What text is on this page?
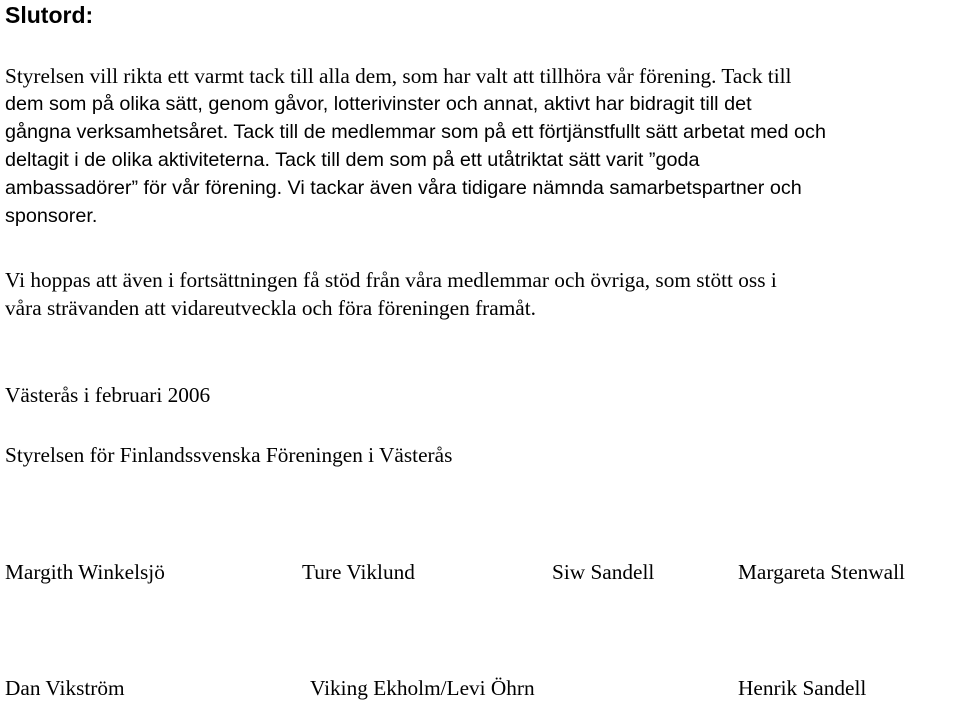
Slutord:
Styrelsen vill rikta ett varmt tack till alla dem, som har valt att tillhöra vår förening. Tack till
dem som på olika sätt, genom gåvor, lotterivinster och annat, aktivt har bidragit till det
gångna verksamhetsåret. Tack till de medlemmar som på ett förtjänstfullt sätt arbetat med och
deltagit i de olika aktiviteterna. Tack till dem som på ett utåtriktat sätt varit ”goda
ambassadörer” för vår förening. Vi tackar även våra tidigare nämnda samarbetspartner och
sponsorer.
Vi hoppas att även i fortsättningen få stöd från våra medlemmar och övriga, som stött oss i
våra strävanden att vidareutveckla och föra föreningen framåt.
Västerås i februari 2006
Styrelsen för Finlandssvenska Föreningen i Västerås
Margith Winkelsjö	Ture Viklund	Siw Sandell	Margareta Stenwall
Dan Vikström	Viking Ekholm/Levi Öhrn	Henrik Sandell
